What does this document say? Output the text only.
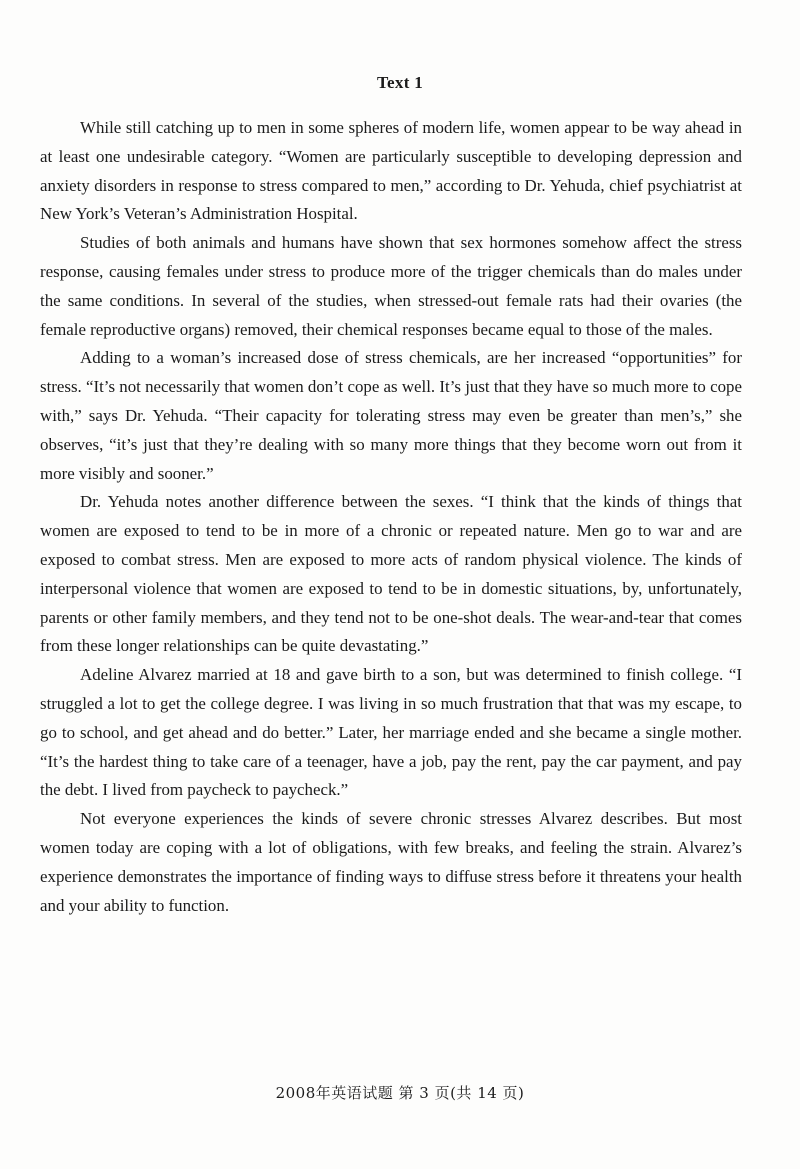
Text 1

While still catching up to men in some spheres of modern life, women appear to be way ahead in at least one undesirable category. “Women are particularly susceptible to developing depression and anxiety disorders in response to stress compared to men,” according to Dr. Yehuda, chief psychiatrist at New York’s Veteran’s Administration Hospital.

Studies of both animals and humans have shown that sex hormones somehow affect the stress response, causing females under stress to produce more of the trigger chemicals than do males under the same conditions. In several of the studies, when stressed-out female rats had their ovaries (the female reproductive organs) removed, their chemical responses became equal to those of the males.

Adding to a woman’s increased dose of stress chemicals, are her increased “opportunities” for stress. “It’s not necessarily that women don’t cope as well. It’s just that they have so much more to cope with,” says Dr. Yehuda. “Their capacity for tolerating stress may even be greater than men’s,” she observes, “it’s just that they’re dealing with so many more things that they become worn out from it more visibly and sooner.”

Dr. Yehuda notes another difference between the sexes. “I think that the kinds of things that women are exposed to tend to be in more of a chronic or repeated nature. Men go to war and are exposed to combat stress. Men are exposed to more acts of random physical violence. The kinds of interpersonal violence that women are exposed to tend to be in domestic situations, by, unfortunately, parents or other family members, and they tend not to be one-shot deals. The wear-and-tear that comes from these longer relationships can be quite devastating.”

Adeline Alvarez married at 18 and gave birth to a son, but was determined to finish college. “I struggled a lot to get the college degree. I was living in so much frustration that that was my escape, to go to school, and get ahead and do better.” Later, her marriage ended and she became a single mother. “It’s the hardest thing to take care of a teenager, have a job, pay the rent, pay the car payment, and pay the debt. I lived from paycheck to paycheck.”

Not everyone experiences the kinds of severe chronic stresses Alvarez describes. But most women today are coping with a lot of obligations, with few breaks, and feeling the strain. Alvarez’s experience demonstrates the importance of finding ways to diffuse stress before it threatens your health and your ability to function.

2008年英语试题 第 3 页(共 14 页)
